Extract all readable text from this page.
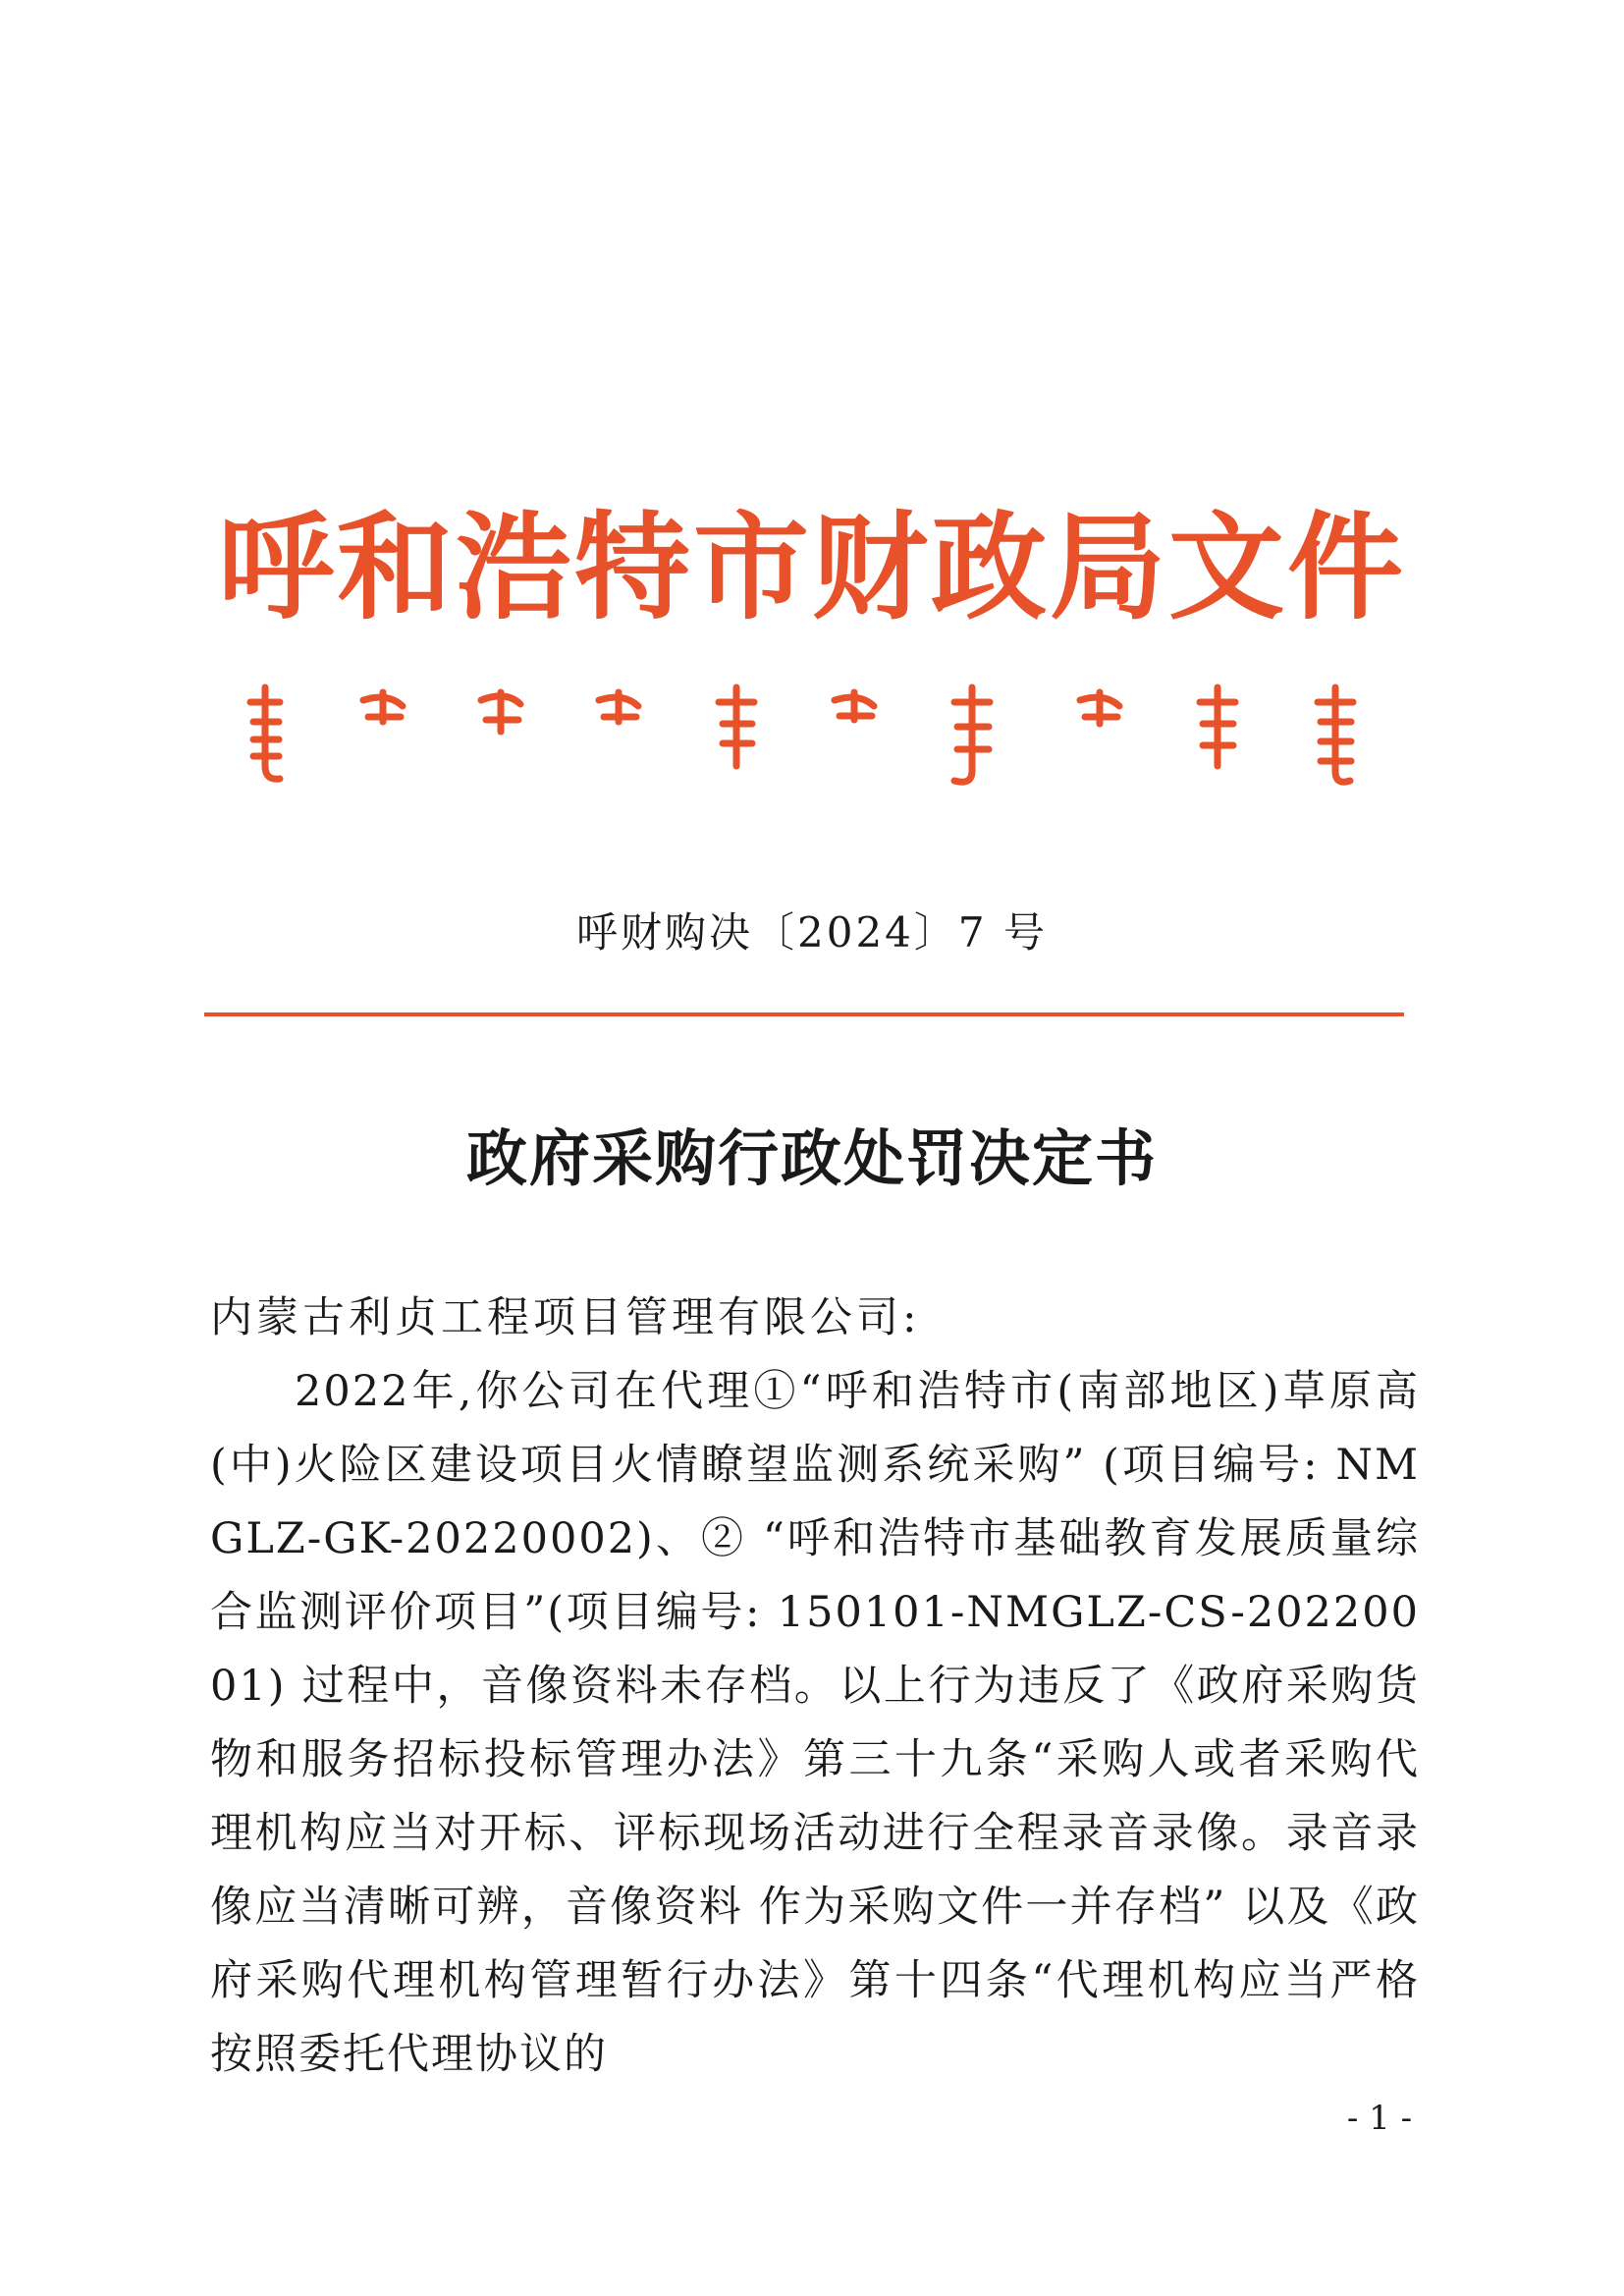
呼和浩特市财政局文件
呼财购决〔2024〕7 号
政府采购行政处罚决定书
内蒙古利贞工程项目管理有限公司:

2022年,你公司在代理①“呼和浩特市(南部地区)草原高(中)火险区建设项目火情瞭望监测系统采购” (项目编号: NMGLZ-GK-20220002)、② “呼和浩特市基础教育发展质量综合监测评价项目”(项目编号: 150101-NMGLZ-CS-20220001) 过程中，音像资料未存档。以上行为违反了《政府采购货物和服务招标投标管理办法》第三十九条“采购人或者采购代理机构应当对开标、评标现场活动进行全程录音录像。录音录像应当清晰可辨，音像资料 作为采购文件一并存档” 以及《政府采购代理机构管理暂行办法》第十四条“代理机构应当严格按照委托代理协议的

- 1 -
